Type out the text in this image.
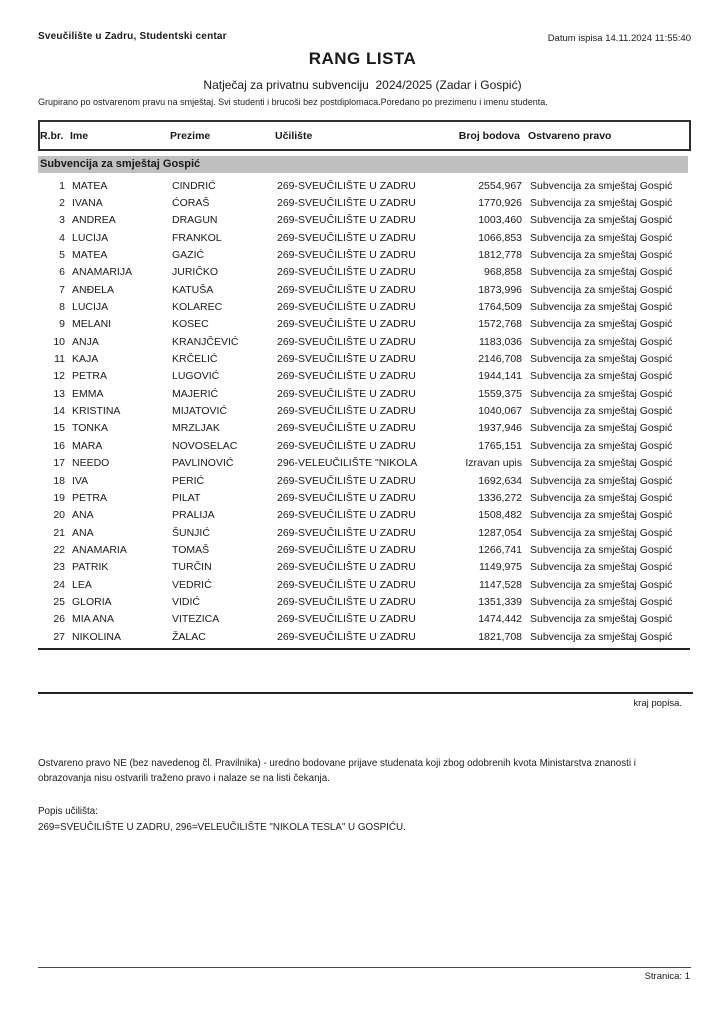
Sveučilište u Zadru, Studentski centar	Datum ispisa 14.11.2024 11:55:40
RANG LISTA
Natječaj za privatnu subvenciju  2024/2025 (Zadar i Gospić)
Grupirano po ostvarenom pravu na smještaj. Svi studenti i brucoši bez postdiplomaca.Poredano po prezimenu i imenu studenta.
R.br. Ime	Prezime	Učilište	Broj bodova Ostvareno pravo
Subvencija za smještaj Gospić
1 MATEA	CINDRIĆ	269-SVEUČILIŠTE U ZADRU	2554,967 Subvencija za smještaj Gospić
2 IVANA	ĆORAŠ	269-SVEUČILIŠTE U ZADRU	1770,926 Subvencija za smještaj Gospić
3 ANDREA	DRAGUN	269-SVEUČILIŠTE U ZADRU	1003,460 Subvencija za smještaj Gospić
4 LUCIJA	FRANKOL	269-SVEUČILIŠTE U ZADRU	1066,853 Subvencija za smještaj Gospić
5 MATEA	GAZIĆ	269-SVEUČILIŠTE U ZADRU	1812,778 Subvencija za smještaj Gospić
6 ANAMARIJA	JURIČKO	269-SVEUČILIŠTE U ZADRU	968,858 Subvencija za smještaj Gospić
7 ANĐELA	KATUŠA	269-SVEUČILIŠTE U ZADRU	1873,996 Subvencija za smještaj Gospić
8 LUCIJA	KOLAREC	269-SVEUČILIŠTE U ZADRU	1764,509 Subvencija za smještaj Gospić
9 MELANI	KOSEC	269-SVEUČILIŠTE U ZADRU	1572,768 Subvencija za smještaj Gospić
10 ANJA	KRANJČEVIĆ	269-SVEUČILIŠTE U ZADRU	1183,036 Subvencija za smještaj Gospić
11 KAJA	KRČELIĆ	269-SVEUČILIŠTE U ZADRU	2146,708 Subvencija za smještaj Gospić
12 PETRA	LUGOVIĆ	269-SVEUČILIŠTE U ZADRU	1944,141 Subvencija za smještaj Gospić
13 EMMA	MAJERIĆ	269-SVEUČILIŠTE U ZADRU	1559,375 Subvencija za smještaj Gospić
14 KRISTINA	MIJATOVIĆ	269-SVEUČILIŠTE U ZADRU	1040,067 Subvencija za smještaj Gospić
15 TONKA	MRZLJAK	269-SVEUČILIŠTE U ZADRU	1937,946 Subvencija za smještaj Gospić
16 MARA	NOVOSELAC	269-SVEUČILIŠTE U ZADRU	1765,151 Subvencija za smještaj Gospić
17 NEEDO	PAVLINOVIĆ	296-VELEUČILIŠTE "NIKOLA	Izravan upis Subvencija za smještaj Gospić
18 IVA	PERIĆ	269-SVEUČILIŠTE U ZADRU	1692,634 Subvencija za smještaj Gospić
19 PETRA	PILAT	269-SVEUČILIŠTE U ZADRU	1336,272 Subvencija za smještaj Gospić
20 ANA	PRALIJA	269-SVEUČILIŠTE U ZADRU	1508,482 Subvencija za smještaj Gospić
21 ANA	ŠUNJIĆ	269-SVEUČILIŠTE U ZADRU	1287,054 Subvencija za smještaj Gospić
22 ANAMARIA	TOMAŠ	269-SVEUČILIŠTE U ZADRU	1266,741 Subvencija za smještaj Gospić
23 PATRIK	TURČIN	269-SVEUČILIŠTE U ZADRU	1149,975 Subvencija za smještaj Gospić
24 LEA	VEDRIĆ	269-SVEUČILIŠTE U ZADRU	1147,528 Subvencija za smještaj Gospić
25 GLORIA	VIDIĆ	269-SVEUČILIŠTE U ZADRU	1351,339 Subvencija za smještaj Gospić
26 MIA ANA	VITEZICA	269-SVEUČILIŠTE U ZADRU	1474,442 Subvencija za smještaj Gospić
27 NIKOLINA	ŽALAC	269-SVEUČILIŠTE U ZADRU	1821,708 Subvencija za smještaj Gospić
kraj popisa.
Ostvareno pravo NE (bez navedenog čl. Pravilnika) - uredno bodovane prijave studenata koji zbog odobrenih kvota Ministarstva znanosti i
obrazovanja nisu ostvarili traženo pravo i nalaze se na listi čekanja.
Popis učilišta:
269=SVEUČILIŠTE U ZADRU, 296=VELEUČILIŠTE "NIKOLA TESLA" U GOSPIĆU.
Stranica: 1
